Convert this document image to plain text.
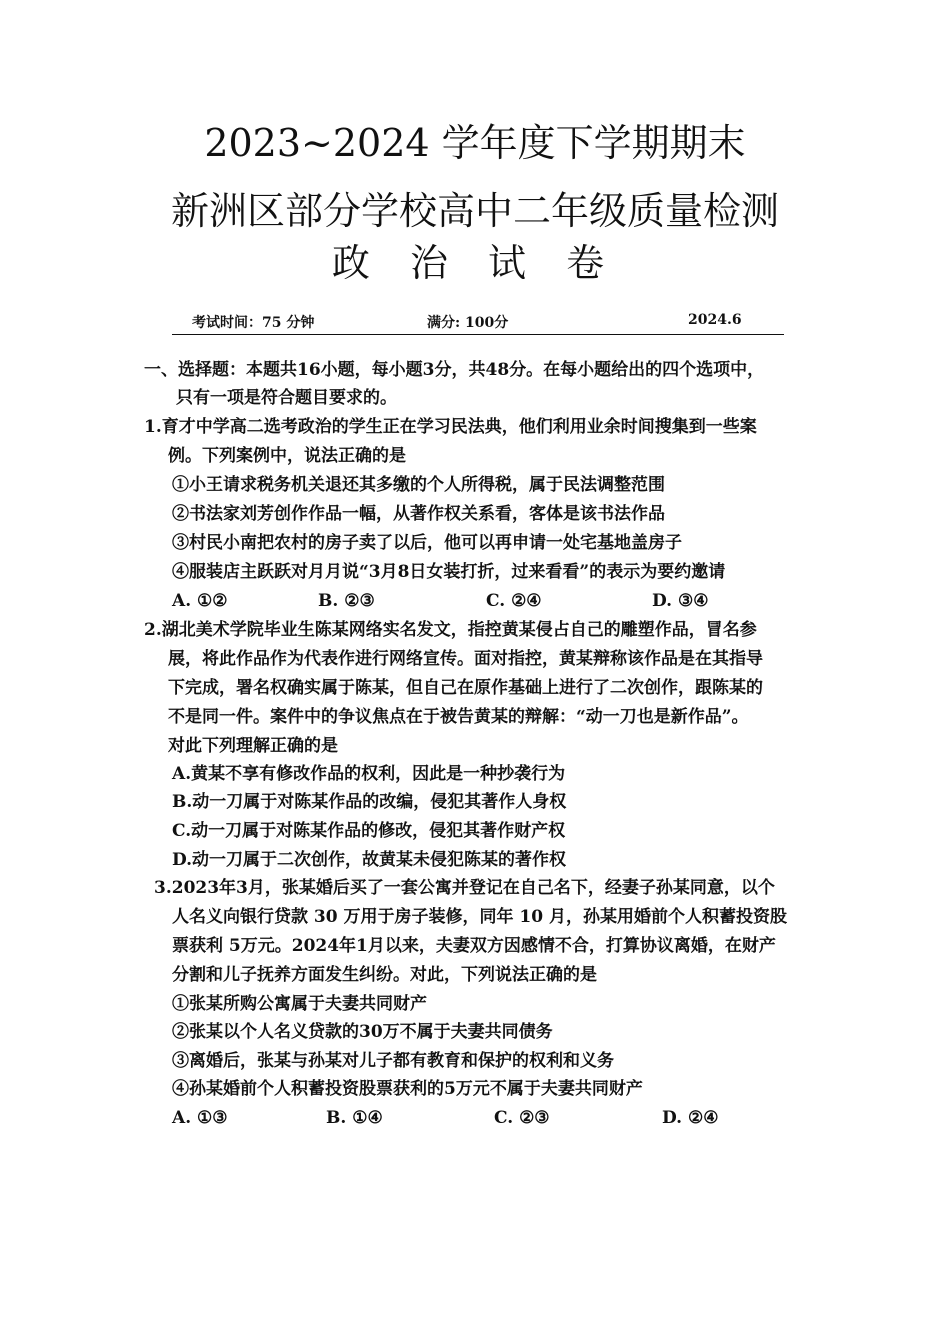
2023~2024 学年度下学期期末
新洲区部分学校高中二年级质量检测
政 治 试 卷
考试时间：75 分钟	满分: 100分	2024.6
一、选择题：本题共16小题，每小题3分，共48分。在每小题给出的四个选项中，
只有一项是符合题目要求的。
1.育才中学高二选考政治的学生正在学习民法典，他们利用业余时间搜集到一些案
例。下列案例中，说法正确的是
①小王请求税务机关退还其多缴的个人所得税，属于民法调整范围
②书法家刘芳创作作品一幅，从著作权关系看，客体是该书法作品
③村民小南把农村的房子卖了以后，他可以再申请一处宅基地盖房子
④服装店主跃跃对月月说“3月8日女装打折，过来看看”的表示为要约邀请
A. ①②	B. ②③	C. ②④	D. ③④
2.湖北美术学院毕业生陈某网络实名发文，指控黄某侵占自己的雕塑作品，冒名参
展，将此作品作为代表作进行网络宣传。面对指控，黄某辩称该作品是在其指导
下完成，署名权确实属于陈某，但自己在原作基础上进行了二次创作，跟陈某的
不是同一件。案件中的争议焦点在于被告黄某的辩解：“动一刀也是新作品”。
对此下列理解正确的是
A.黄某不享有修改作品的权利，因此是一种抄袭行为
B.动一刀属于对陈某作品的改编，侵犯其著作人身权
C.动一刀属于对陈某作品的修改，侵犯其著作财产权
D.动一刀属于二次创作，故黄某未侵犯陈某的著作权
3.2023年3月，张某婚后买了一套公寓并登记在自己名下，经妻子孙某同意，以个
人名义向银行贷款 30 万用于房子装修，同年 10 月，孙某用婚前个人积蓄投资股
票获利 5万元。2024年1月以来，夫妻双方因感情不合，打算协议离婚，在财产
分割和儿子抚养方面发生纠纷。对此，下列说法正确的是
①张某所购公寓属于夫妻共同财产
②张某以个人名义贷款的30万不属于夫妻共同债务
③离婚后，张某与孙某对儿子都有教育和保护的权利和义务
④孙某婚前个人积蓄投资股票获利的5万元不属于夫妻共同财产
A. ①③	B. ①④	C. ②③	D. ②④
